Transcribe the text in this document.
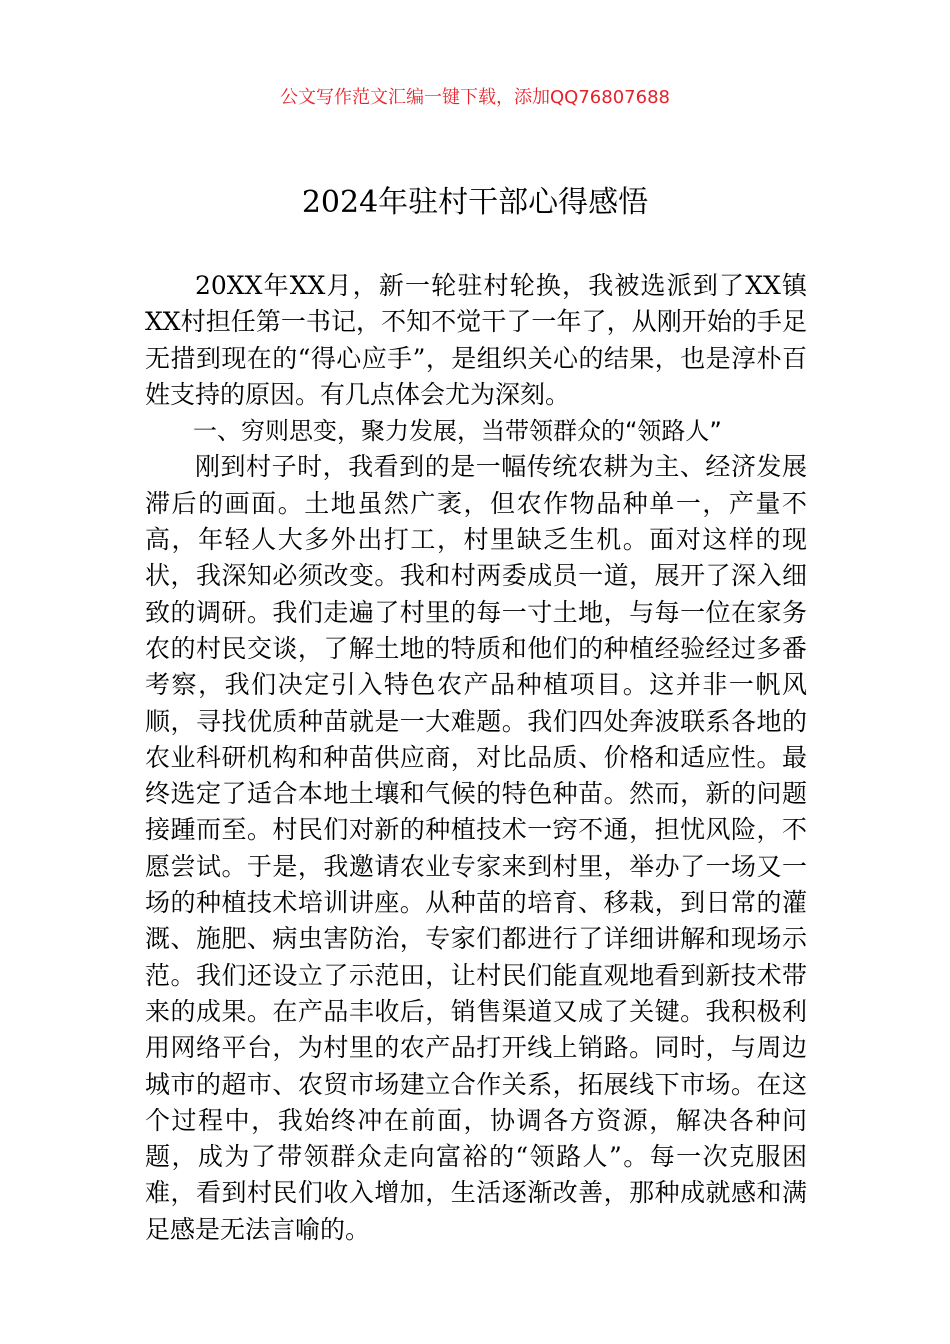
公文写作范文汇编一键下载，添加QQ76807688
2024年驻村干部心得感悟

20XX年XX月，新一轮驻村轮换，我被选派到了XX镇XX村担任第一书记，不知不觉干了一年了，从刚开始的手足无措到现在的“得心应手”，是组织关心的结果，也是淳朴百姓支持的原因。有几点体会尤为深刻。

一、穷则思变，聚力发展，当带领群众的“领路人”

刚到村子时，我看到的是一幅传统农耕为主、经济发展滞后的画面。土地虽然广袤，但农作物品种单一，产量不高，年轻人大多外出打工，村里缺乏生机。面对这样的现状，我深知必须改变。我和村两委成员一道，展开了深入细致的调研。我们走遍了村里的每一寸土地，与每一位在家务农的村民交谈，了解土地的特质和他们的种植经验经过多番考察，我们决定引入特色农产品种植项目。这并非一帆风顺，寻找优质种苗就是一大难题。我们四处奔波联系各地的农业科研机构和种苗供应商，对比品质、价格和适应性。最终选定了适合本地土壤和气候的特色种苗。然而，新的问题接踵而至。村民们对新的种植技术一窍不通，担忧风险，不愿尝试。于是，我邀请农业专家来到村里，举办了一场又一场的种植技术培训讲座。从种苗的培育、移栽，到日常的灌溉、施肥、病虫害防治，专家们都进行了详细讲解和现场示范。我们还设立了示范田，让村民们能直观地看到新技术带来的成果。在产品丰收后，销售渠道又成了关键。我积极利用网络平台，为村里的农产品打开线上销路。同时，与周边城市的超市、农贸市场建立合作关系，拓展线下市场。在这个过程中，我始终冲在前面，协调各方资源，解决各种问题，成为了带领群众走向富裕的“领路人”。每一次克服困难，看到村民们收入增加，生活逐渐改善，那种成就感和满足感是无法言喻的。
